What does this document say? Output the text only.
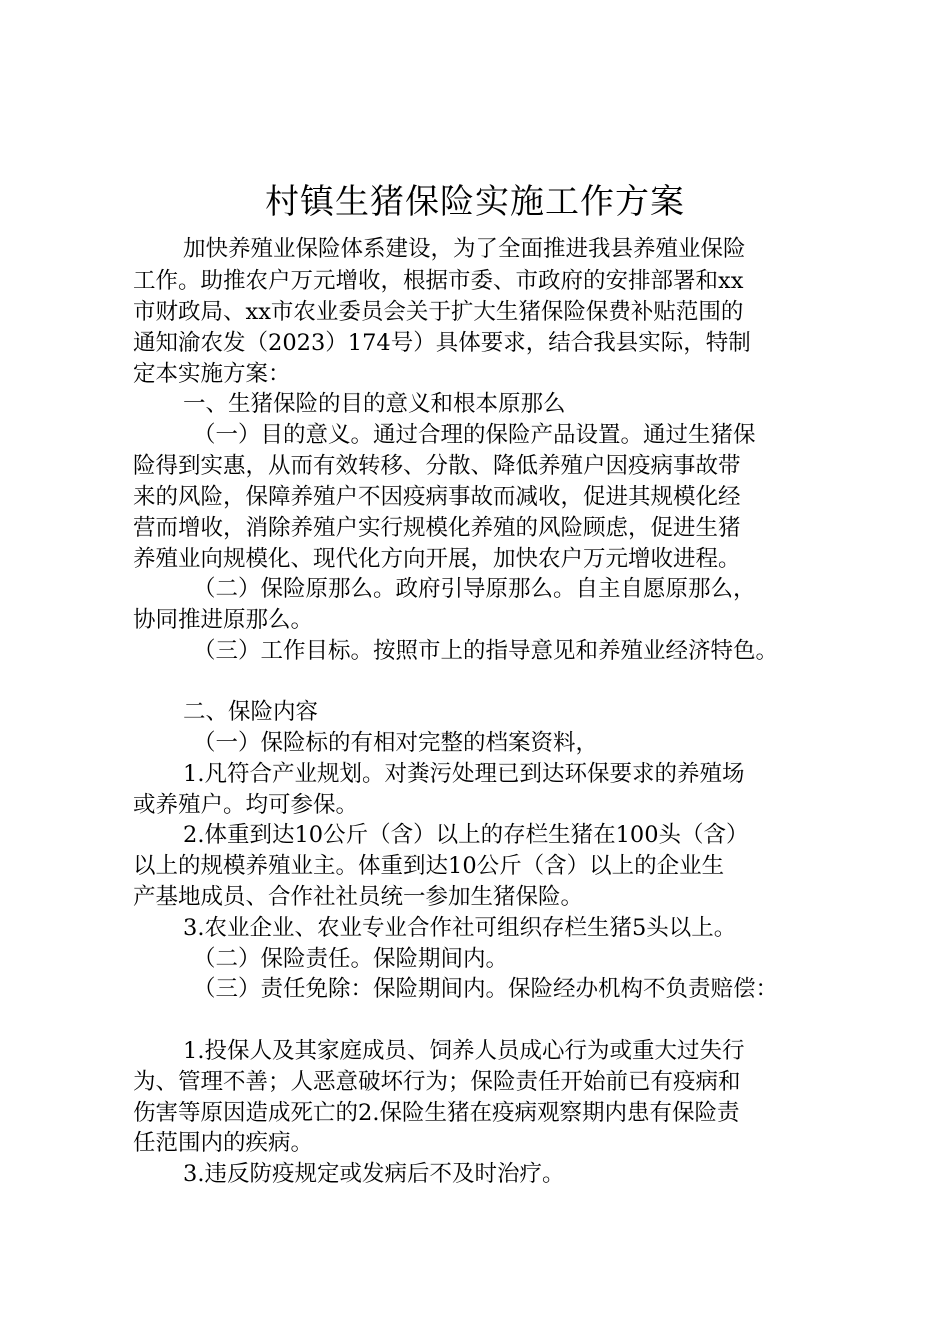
村镇生猪保险实施工作方案
加快养殖业保险体系建设，为了全面推进我县养殖业保险
工作。助推农户万元增收，根据市委、市政府的安排部署和xx
市财政局、xx市农业委员会关于扩大生猪保险保费补贴范围的
通知渝农发（2023）174号）具体要求，结合我县实际，特制
定本实施方案：
一、生猪保险的目的意义和根本原那么
（一）目的意义。通过合理的保险产品设置。通过生猪保
险得到实惠，从而有效转移、分散、降低养殖户因疫病事故带
来的风险，保障养殖户不因疫病事故而减收，促进其规模化经
营而增收，消除养殖户实行规模化养殖的风险顾虑，促进生猪
养殖业向规模化、现代化方向开展，加快农户万元增收进程。
（二）保险原那么。政府引导原那么。自主自愿原那么，
协同推进原那么。
（三）工作目标。按照市上的指导意见和养殖业经济特色。
二、保险内容
（一）保险标的有相对完整的档案资料，
1.凡符合产业规划。对粪污处理已到达环保要求的养殖场
或养殖户。均可参保。
2.体重到达10公斤（含）以上的存栏生猪在100头（含）
以上的规模养殖业主。体重到达10公斤（含）以上的企业生
产基地成员、合作社社员统一参加生猪保险。
3.农业企业、农业专业合作社可组织存栏生猪5头以上。
（二）保险责任。保险期间内。
（三）责任免除：保险期间内。保险经办机构不负责赔偿：
1.投保人及其家庭成员、饲养人员成心行为或重大过失行
为、管理不善；人恶意破坏行为；保险责任开始前已有疫病和
伤害等原因造成死亡的2.保险生猪在疫病观察期内患有保险责
任范围内的疾病。
3.违反防疫规定或发病后不及时治疗。
